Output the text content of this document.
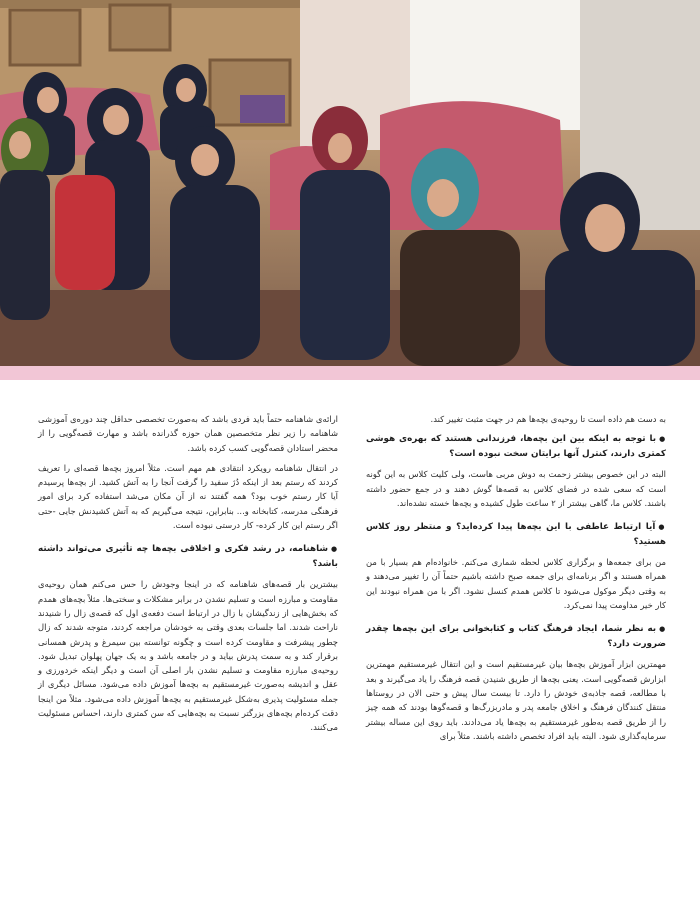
به دست هم داده است تا روحیه‌ی بچه‌ها هم در جهت مثبت تغییر کند.

●با توجه به اینکه بین این بچه‌ها، فرزندانی هستند که بهره‌ی هوشی کمتری دارند، کنترل آنها برایتان سخت نبوده است؟

البته در این خصوص بیشتر زحمت به دوش مربی هاست، ولی کلیت کلاس به این گونه است که سعی شده در فضای کلاس به قصه‌ها گوش دهند و در جمع حضور داشته باشند. کلاس ما، گاهی بیشتر از ۲ ساعت طول کشیده و بچه‌ها خسته نشده‌اند.

●آیا ارتباط عاطفی با این بچه‌ها پیدا کرده‌اید؟ و منتظر روز کلاس هستید؟

من برای جمعه‌ها و برگزاری کلاس لحظه شماری می‌کنم. خانواده‌ام هم بسیار با من همراه هستند و اگر برنامه‌ای برای جمعه صبح داشته باشیم حتماً آن را تغییر می‌دهند و به وقتی دیگر موکول می‌شود تا کلاس همدم کنسل نشود. اگر با من همراه نبودند این کار خیر مداومت پیدا نمی‌کرد.

●به نظر شما، ایجاد فرهنگ کتاب و کتابخوانی برای این بچه‌ها چقدر ضرورت دارد؟

مهمترین ابزار آموزش بچه‌ها بیان غیرمستقیم است و این انتقال غیرمستقیم مهمترین ابزارش قصه‌گویی است. یعنی بچه‌ها از طریق شنیدن قصه فرهنگ را یاد می‌گیرند و بعد با مطالعه، قصه جاذبه‌ی خودش را دارد. تا بیست سال پیش و حتی الان در روستاها منتقل کنندگان فرهنگ و اخلاق جامعه پدر و مادربزرگ‌ها و قصه‌گوها بودند که همه چیز را از طریق قصه به‌طور غیرمستقیم به بچه‌ها یاد می‌دادند. باید روی این مساله بیشتر سرمایه‌گذاری شود. البته باید افراد تخصص داشته باشند. مثلاً برای

ارائه‌ی شاهنامه حتماً باید فردی باشد که به‌صورت تخصصی حداقل چند دوره‌ی آموزشی شاهنامه را زیر نظر متخصصین همان حوزه گذرانده باشد و مهارت قصه‌گویی را از محضر استادان قصه‌گویی کسب کرده باشد.

در انتقال شاهنامه رویکرد انتقادی هم مهم است. مثلاً امروز بچه‌ها قصه‌ای را تعریف کردند که رستم بعد از اینکه دُژ سفید را گرفت آنجا را به آتش کشید. از بچه‌ها پرسیدم آیا کار رستم خوب بود؟ همه گفتند نه از آن مکان می‌شد استفاده کرد برای امور فرهنگی مدرسه، کتابخانه و... بنابراین، نتیجه می‌گیریم که به آتش کشیدنش جایی -حتی اگر رستم این کار کرده- کار درستی نبوده است.

●شاهنامه، در رشد فکری و اخلاقی بچه‌ها چه تأثیری می‌تواند داشته باشد؟

بیشترین بار قصه‌های شاهنامه که در اینجا وجودش را حس می‌کنم همان روحیه‌ی مقاومت و مبارزه است و تسلیم نشدن در برابر مشکلات و سختی‌ها. مثلاً بچه‌های همدم که بخش‌هایی از زندگیشان با زال در ارتباط است دفعه‌ی اول که قصه‌ی زال را شنیدند ناراحت شدند. اما جلسات بعدی وقتی به خودشان مراجعه کردند، متوجه شدند که زال چطور پیشرفت و مقاومت کرده است و چگونه توانسته بین سیمرغ و پدرش همسانی برقرار کند و به سمت پدرش بیاید و در جامعه باشد و به یک جهان پهلوان تبدیل شود. روحیه‌ی مبارزه مقاومت و تسلیم نشدن بار اصلی آن است و دیگر اینکه خردورزی و عقل و اندیشه به‌صورت غیرمستقیم به بچه‌ها آموزش داده می‌شود. مسائل دیگری از جمله مسئولیت پذیری به‌شکل غیرمستقیم به بچه‌ها آموزش داده می‌شود. مثلاً من اینجا دقت کرده‌ام بچه‌های بزرگتر نسبت به بچه‌هایی که سن کمتری دارند، احساس مسئولیت می‌کنند.
